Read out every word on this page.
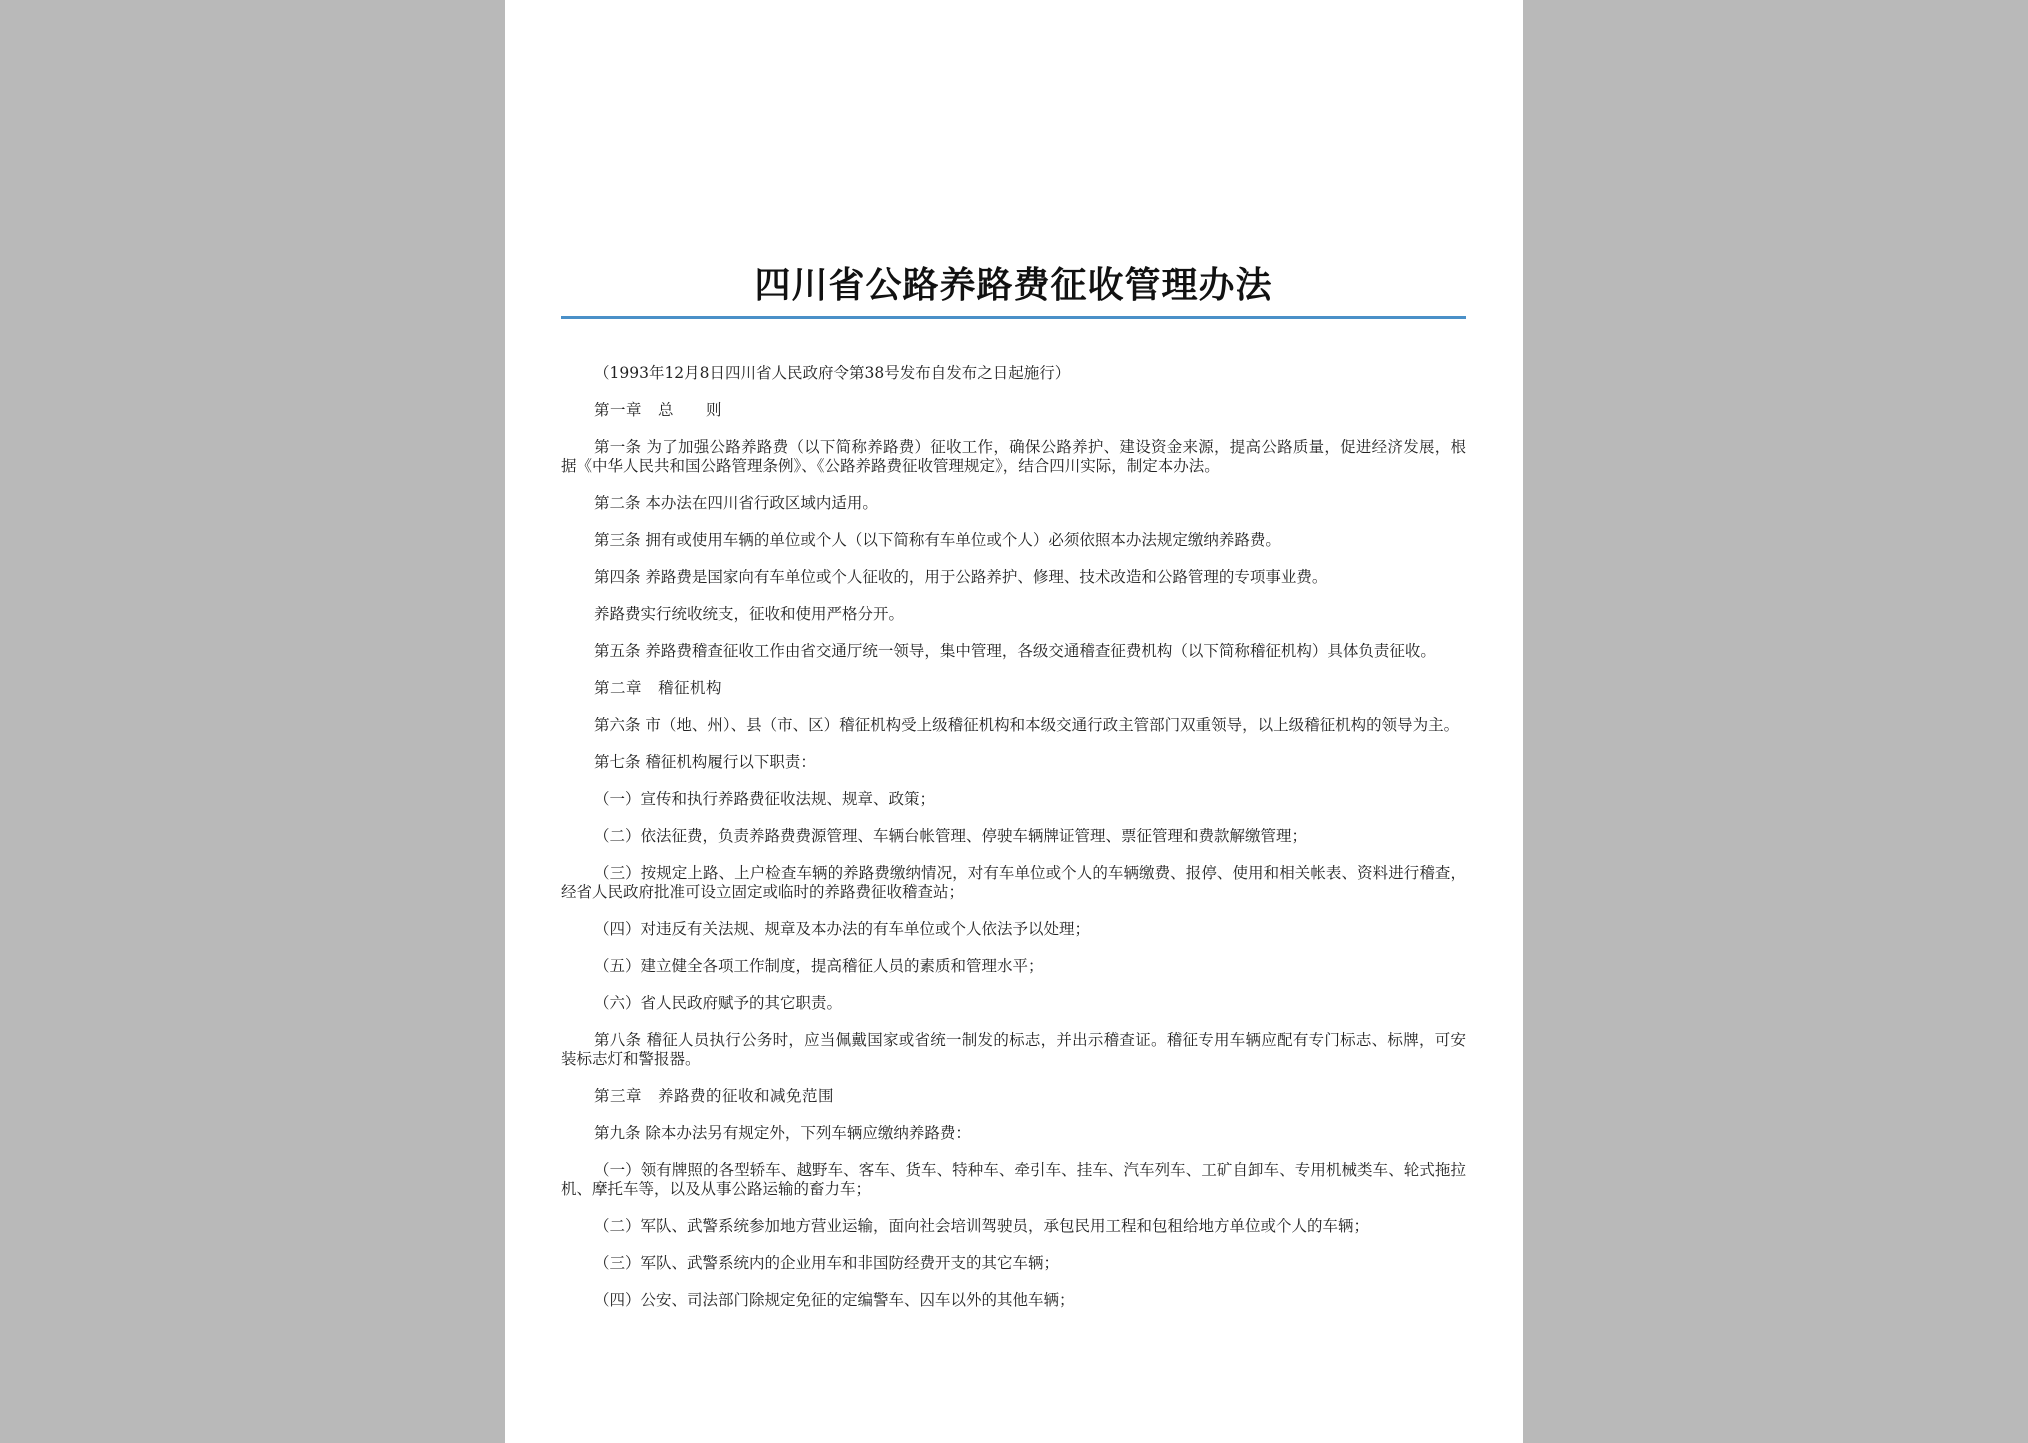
四川省公路养路费征收管理办法

（1993年12月8日四川省人民政府令第38号发布自发布之日起施行）

第一章　总　　则

第一条 为了加强公路养路费（以下简称养路费）征收工作，确保公路养护、建设资金来源，提高公路质量，促进经济发展，根据《中华人民共和国公路管理条例》、《公路养路费征收管理规定》，结合四川实际，制定本办法。

第二条 本办法在四川省行政区域内适用。

第三条 拥有或使用车辆的单位或个人（以下简称有车单位或个人）必须依照本办法规定缴纳养路费。

第四条 养路费是国家向有车单位或个人征收的，用于公路养护、修理、技术改造和公路管理的专项事业费。

养路费实行统收统支，征收和使用严格分开。

第五条 养路费稽查征收工作由省交通厅统一领导，集中管理，各级交通稽查征费机构（以下简称稽征机构）具体负责征收。

第二章　稽征机构

第六条 市（地、州）、县（市、区）稽征机构受上级稽征机构和本级交通行政主管部门双重领导，以上级稽征机构的领导为主。

第七条 稽征机构履行以下职责：

（一）宣传和执行养路费征收法规、规章、政策；

（二）依法征费，负责养路费费源管理、车辆台帐管理、停驶车辆牌证管理、票征管理和费款解缴管理；

（三）按规定上路、上户检查车辆的养路费缴纳情况，对有车单位或个人的车辆缴费、报停、使用和相关帐表、资料进行稽查，经省人民政府批准可设立固定或临时的养路费征收稽查站；

（四）对违反有关法规、规章及本办法的有车单位或个人依法予以处理；

（五）建立健全各项工作制度，提高稽征人员的素质和管理水平；

（六）省人民政府赋予的其它职责。

第八条 稽征人员执行公务时，应当佩戴国家或省统一制发的标志，并出示稽查证。稽征专用车辆应配有专门标志、标牌，可安装标志灯和警报器。

第三章　养路费的征收和减免范围

第九条 除本办法另有规定外，下列车辆应缴纳养路费：

（一）领有牌照的各型轿车、越野车、客车、货车、特种车、牵引车、挂车、汽车列车、工矿自卸车、专用机械类车、轮式拖拉机、摩托车等，以及从事公路运输的畜力车；

（二）军队、武警系统参加地方营业运输，面向社会培训驾驶员，承包民用工程和包租给地方单位或个人的车辆；

（三）军队、武警系统内的企业用车和非国防经费开支的其它车辆；

（四）公安、司法部门除规定免征的定编警车、囚车以外的其他车辆；
